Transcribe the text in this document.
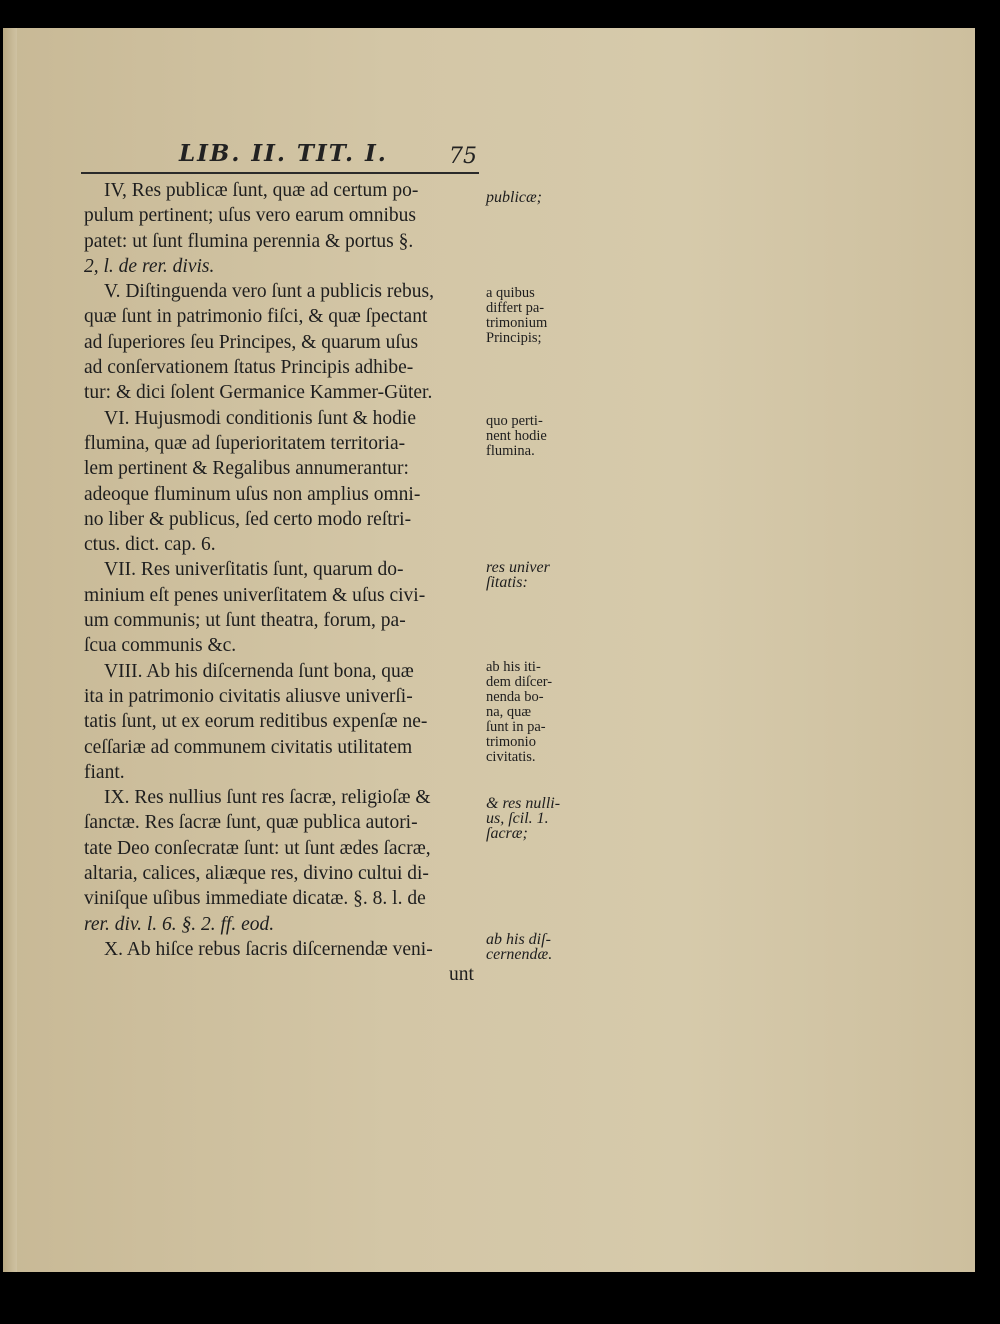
LIB. II. TIT. I.	75
IV, Res publicæ ſunt, quæ ad certum po-
pulum pertinent; uſus vero earum omnibus
patet: ut ſunt flumina perennia & portus §.
2, l. de rer. divis.
V. Diſtinguenda vero ſunt a publicis rebus,
quæ ſunt in patrimonio fiſci, & quæ ſpectant
ad ſuperiores ſeu Principes, & quarum uſus
ad conſervationem ſtatus Principis adhibe-
tur: & dici ſolent Germanice Kammer-Güter.
VI. Hujusmodi conditionis ſunt & hodie
flumina, quæ ad ſuperioritatem territoria-
lem pertinent & Regalibus annumerantur:
adeoque fluminum uſus non amplius omni-
no liber & publicus, ſed certo modo reſtri-
ctus. dict. cap. 6.
VII. Res univerſitatis ſunt, quarum do-
minium eſt penes univerſitatem & uſus civi-
um communis; ut ſunt theatra, forum, pa-
ſcua communis &c.
VIII. Ab his diſcernenda ſunt bona, quæ
ita in patrimonio civitatis aliusve univerſi-
tatis ſunt, ut ex eorum reditibus expenſæ ne-
ceſſariæ ad communem civitatis utilitatem
fiant.
IX. Res nullius ſunt res ſacræ, religioſæ &
ſanctæ. Res ſacræ ſunt, quæ publica autori-
tate Deo conſecratæ ſunt: ut ſunt ædes ſacræ,
altaria, calices, aliæque res, divino cultui di-
viniſque uſibus immediate dicatæ. §. 8. l. de
rer. div. l. 6. §. 2. ff. eod.
X. Ab hiſce rebus ſacris diſcernendæ veni-
unt
publicæ;
a quibus
differt pa-
trimonium
Principis;
quo perti-
nent hodie
flumina.
res univer
ſitatis:
ab his iti-
dem diſcer-
nenda bo-
na, quæ
ſunt in pa-
trimonio
civitatis.
& res nulli-
us, ſcil. 1.
ſacræ;
ab his diſ-
cernendæ.
